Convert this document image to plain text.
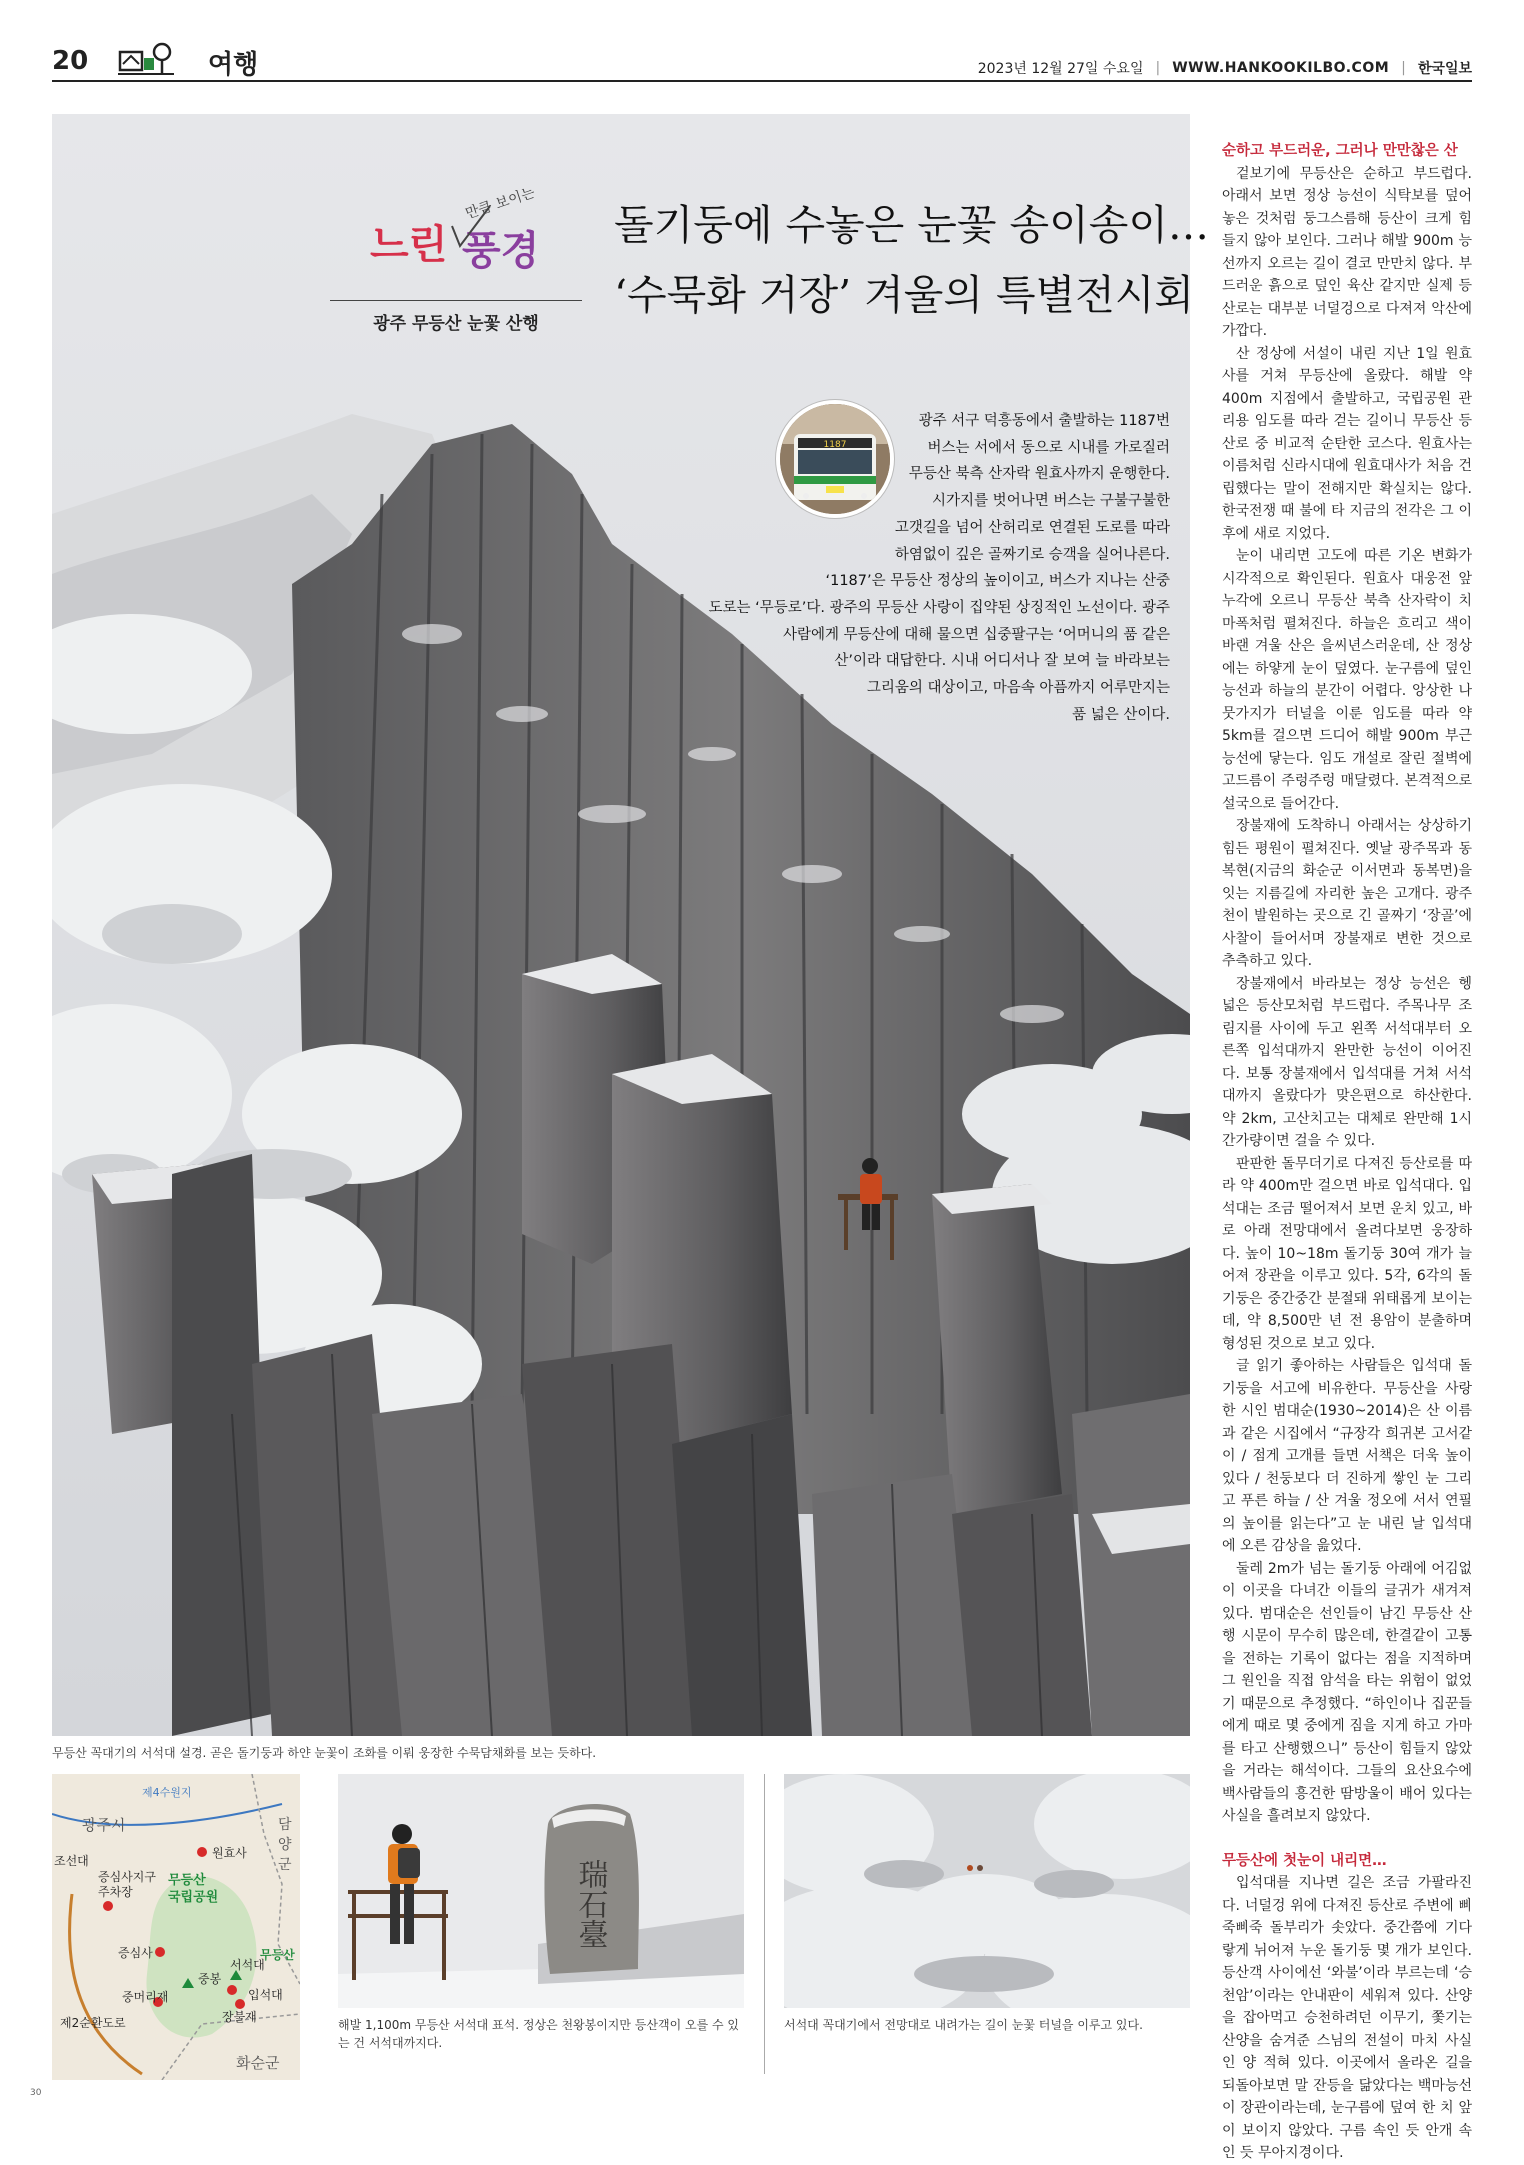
20	여행	2023년 12월 27일 수요일 | WWW.HANKOOKILBO.COM | 한국일보
만큼 보이는
느린 풍경
광주 무등산 눈꽃 산행
돌기둥에 수놓은 눈꽃 송이송이…
‘수묵화 거장’ 겨울의 특별전시회
1187
광주 서구 덕흥동에서 출발하는 1187번
버스는 서에서 동으로 시내를 가로질러
무등산 북측 산자락 원효사까지 운행한다.
시가지를 벗어나면 버스는 구불구불한
고갯길을 넘어 산허리로 연결된 도로를 따라
하염없이 깊은 골짜기로 승객을 실어나른다.
‘1187’은 무등산 정상의 높이이고, 버스가 지나는 산중
도로는 ‘무등로’다. 광주의 무등산 사랑이 집약된 상징적인 노선이다. 광주
사람에게 무등산에 대해 물으면 십중팔구는 ‘어머니의 품 같은
산’이라 대답한다. 시내 어디서나 잘 보여 늘 바라보는
그리움의 대상이고, 마음속 아픔까지 어루만지는
품 넓은 산이다.
무등산 꼭대기의 서석대 설경. 곧은 돌기둥과 하얀 눈꽃이 조화를 이뤄 웅장한 수묵담채화를 보는 듯하다.
순하고 부드러운, 그러나 만만찮은 산
겉보기에 무등산은 순하고 부드럽다. 아래서 보면 정상 능선이 식탁보를 덮어 놓은 것처럼 둥그스름해 등산이 크게 힘들지 않아 보인다. 그러나 해발 900m 능선까지 오르는 길이 결코 만만치 않다. 부드러운 흙으로 덮인 육산 같지만 실제 등산로는 대부분 너덜겅으로 다져져 악산에 가깝다.
산 정상에 서설이 내린 지난 1일 원효사를 거쳐 무등산에 올랐다. 해발 약 400m 지점에서 출발하고, 국립공원 관리용 임도를 따라 걷는 길이니 무등산 등산로 중 비교적 순탄한 코스다. 원효사는 이름처럼 신라시대에 원효대사가 처음 건립했다는 말이 전해지만 확실치는 않다. 한국전쟁 때 불에 타 지금의 전각은 그 이후에 새로 지었다.
눈이 내리면 고도에 따른 기온 변화가 시각적으로 확인된다. 원효사 대웅전 앞 누각에 오르니 무등산 북측 산자락이 치마폭처럼 펼쳐진다. 하늘은 흐리고 색이 바랜 겨울 산은 을씨년스러운데, 산 정상에는 하얗게 눈이 덮였다. 눈구름에 덮인 능선과 하늘의 분간이 어렵다. 앙상한 나뭇가지가 터널을 이룬 임도를 따라 약 5km를 걸으면 드디어 해발 900m 부근 능선에 닿는다. 임도 개설로 잘린 절벽에 고드름이 주렁주렁 매달렸다. 본격적으로 설국으로 들어간다.
장불재에 도착하니 아래서는 상상하기 힘든 평원이 펼쳐진다. 옛날 광주목과 동복현(지금의 화순군 이서면과 동복면)을 잇는 지름길에 자리한 높은 고개다. 광주천이 발원하는 곳으로 긴 골짜기 ‘장골’에 사찰이 들어서며 장불재로 변한 것으로 추측하고 있다.
장불재에서 바라보는 정상 능선은 헹 넓은 등산모처럼 부드럽다. 주목나무 조림지를 사이에 두고 왼쪽 서석대부터 오른쪽 입석대까지 완만한 능선이 이어진다. 보통 장불재에서 입석대를 거쳐 서석대까지 올랐다가 맞은편으로 하산한다. 약 2km, 고산치고는 대체로 완만해 1시간가량이면 걸을 수 있다.
판판한 돌무더기로 다져진 등산로를 따라 약 400m만 걸으면 바로 입석대다. 입석대는 조금 떨어져서 보면 운치 있고, 바로 아래 전망대에서 올려다보면 웅장하다. 높이 10~18m 돌기둥 30여 개가 늘어져 장관을 이루고 있다. 5각, 6각의 돌기둥은 중간중간 분절돼 위태롭게 보이는데, 약 8,500만 년 전 용암이 분출하며 형성된 것으로 보고 있다.
글 읽기 좋아하는 사람들은 입석대 돌기둥을 서고에 비유한다. 무등산을 사랑한 시인 범대순(1930~2014)은 산 이름과 같은 시집에서 “규장각 희귀본 고서같이 / 점게 고개를 들면 서책은 더욱 높이 있다 / 천둥보다 더 진하게 쌓인 눈 그리고 푸른 하늘 / 산 겨울 정오에 서서 연필의 높이를 읽는다”고 눈 내린 날 입석대에 오른 감상을 읊었다.
둘레 2m가 넘는 돌기둥 아래에 어김없이 이곳을 다녀간 이들의 글귀가 새겨져 있다. 범대순은 선인들이 남긴 무등산 산행 시문이 무수히 많은데, 한결같이 고통을 전하는 기록이 없다는 점을 지적하며 그 원인을 직접 암석을 타는 위험이 없었기 때문으로 추정했다. “하인이나 집꾼들에게 때로 몇 중에게 짐을 지게 하고 가마를 타고 산행했으니” 등산이 힘들지 않았을 거라는 해석이다. 그들의 요산요수에 백사람들의 흥건한 땀방울이 배어 있다는 사실을 흘려보지 않았다.
무등산에 첫눈이 내리면…
입석대를 지나면 길은 조금 가팔라진다. 너덜겅 위에 다져진 등산로 주변에 삐죽삐죽 돌부리가 솟았다. 중간쯤에 기다랗게 뉘어져 누운 돌기둥 몇 개가 보인다. 등산객 사이에선 ‘와불’이라 부르는데 ‘승천암’이라는 안내판이 세워져 있다. 산양을 잡아먹고 승천하려던 이무기, 쫓기는 산양을 숨겨준 스님의 전설이 마치 사실인 양 적혀 있다. 이곳에서 올라온 길을 되돌아보면 말 잔등을 닮았다는 백마능선이 장관이라는데, 눈구름에 덮여 한 치 앞이 보이지 않았다. 구름 속인 듯 안개 속인 듯 무아지경이다.
제4수원지
광주시	담양군
조선대
원효사
증심사지구
주차장
무등산
국립공원
증심사
서석대
무등산
중봉
중머리재	입석대
장불재
제2순환도로
화순군
瑞石臺
해발 1,100m 무등산 서석대 표석. 정상은 천왕봉이지만 등산객이 오를 수 있는 건 서석대까지다.
서석대 꼭대기에서 전망대로 내려가는 길이 눈꽃 터널을 이루고 있다.
30
